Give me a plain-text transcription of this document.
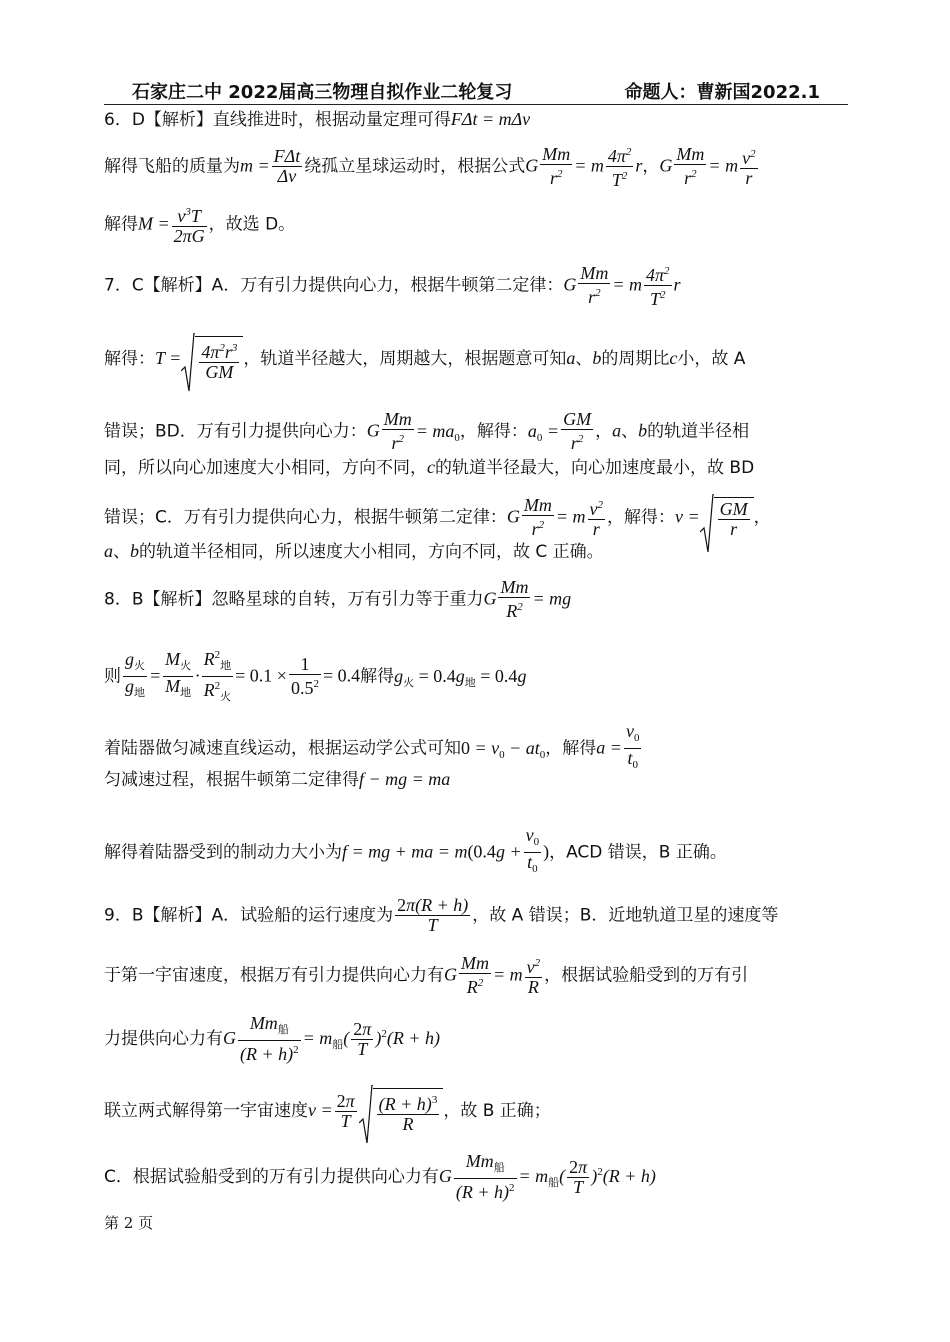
石家庄二中 2022届高三物理自拟作业二轮复习	命题人：曹新国2022.1
6．D【解析】直线推进时，根据动量定理可得FΔt = mΔv
解得飞船的质量为$m = \frac{\text{FΔt}}{\Delta v}$ 绕孤立星球运动时，根据公式G $\frac{Mm}{r^2} = m \frac{4\pi^2}{T^2}$ r，G $\frac{Mm}{r^2} = m \frac{v^2}{r}$
解得$M = \frac{v^3T}{2\pi G}$ ，故选 D。
7．C【解析】A．万有引力提供向心力，根据牛顿第二定律：G $\frac{Mm}{r^2} = m \frac{4\pi^2}{T^2}$ r
解得：$T = \frac{4\pi^2r^3}{GM}$ ，轨道半径越大，周期越大，根据题意可知a、b的周期比c小，故 A
错误；BD．万有引力提供向心力：G $\frac{Mm}{r^2} = ma_0$，解得：$a_0 = \frac{GM}{r^2}$ ，a、b的轨道半径相
同，所以向心加速度大小相同，方向不同，c的轨道半径最大，向心加速度最小，故 BD
错误；C．万有引力提供向心力，根据牛顿第二定律：G $\frac{Mm}{r^2} = m \frac{v^2}{r}$ ，解得：$v = \frac{GM}{r}$ ，
a、b的轨道半径相同，所以速度大小相同，方向不同，故 C 正确。
8．B【解析】忽略星球的自转，万有引力等于重力G $\frac{Mm}{R^2}$ = mg
则 $\frac{g_火}{g_地} = \frac{M_火}{M_地} \cdot \frac{R^2_地}{R^2_火} = 0.1 \times \frac{1}{0.5^2} = 0.4$解得$g_火 = 0.4g_地 = 0.4g$
着陆器做匀减速直线运动，根据运动学公式可知$0 = v_0 - at_0$，解得$a = \frac{v_0}{t_0}$
匀减速过程，根据牛顿第二定律得f − mg = ma
解得着陆器受到的制动力大小为f = mg + ma = $m(0.4g + \frac{v_0}{t_0}$ )，ACD 错误，B 正确。
9．B【解析】A．试验船的运行速度为 $\frac{2\pi(R + h)}{T}$ ，故 A 错误；B．近地轨道卫星的速度等
于第一宇宙速度，根据万有引力提供向心力有G $\frac{Mm}{R^2} = m \frac{v^2}{R}$ ，根据试验船受到的万有引
力提供向心力有G $\frac{Mm_船}{(R + h)^2} = m_船( \frac{2\pi}{T} )^2(R + h)$
联立两式解得第一宇宙速度$v = \frac{2\pi}{T} \frac{(R + h)^3}{R}$ ，故 B 正确；
C．根据试验船受到的万有引力提供向心力有G $\frac{Mm_船}{(R + h)^2} = m_船( \frac{2\pi}{T} )^2(R + h)$
第 2 页
